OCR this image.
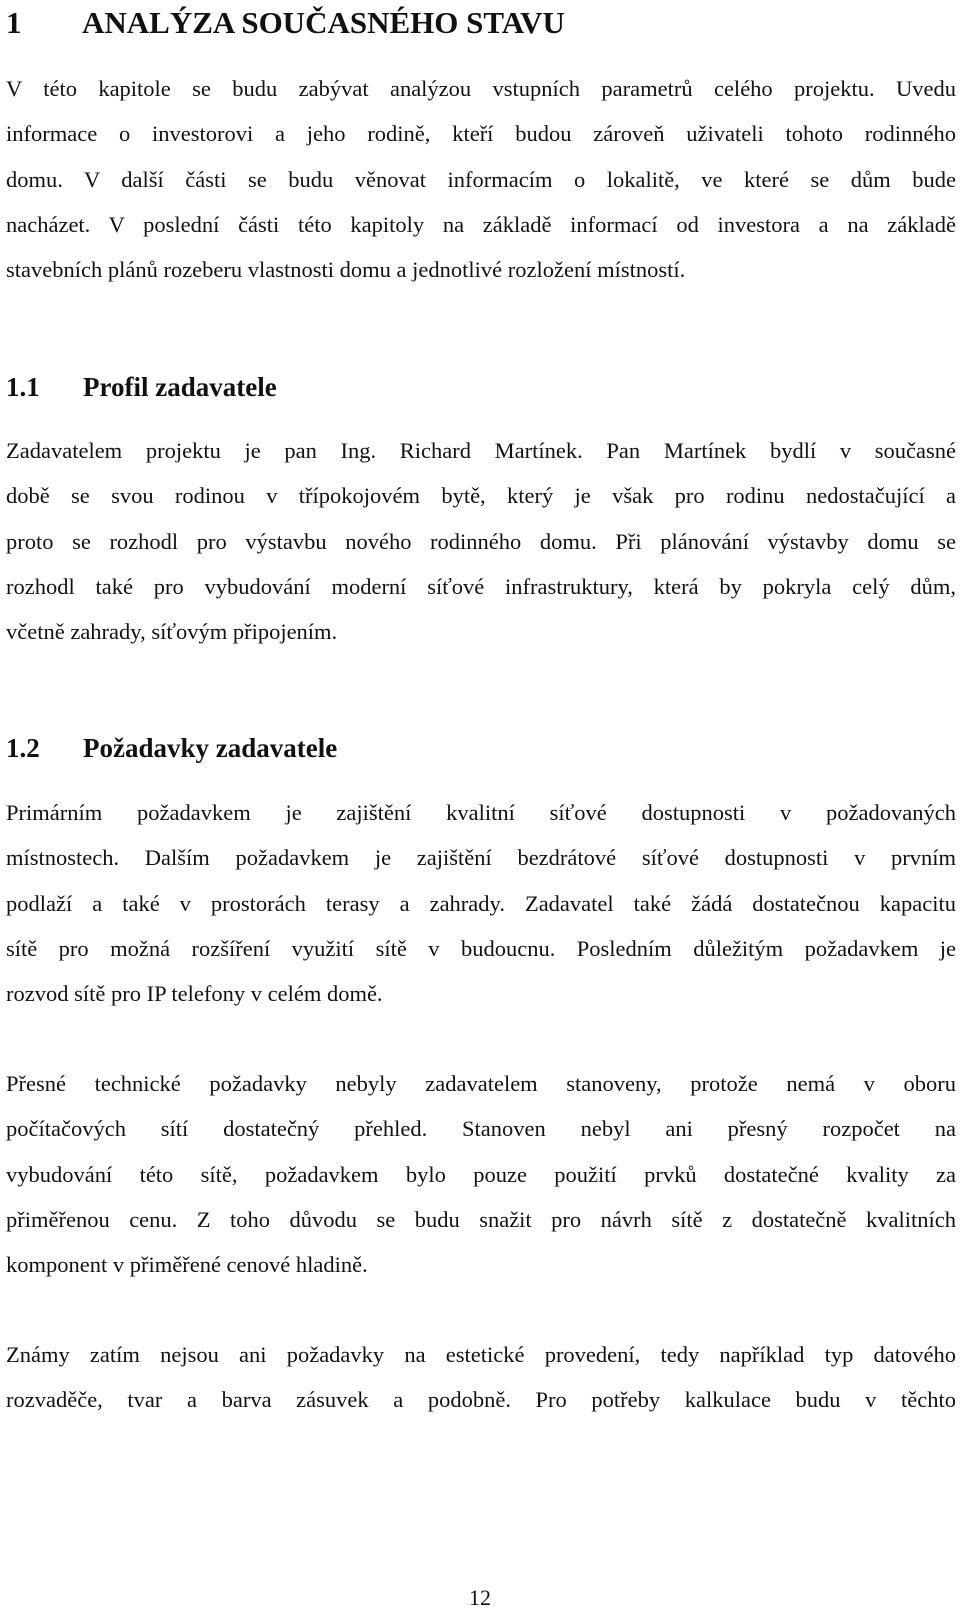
1 ANALÝZA SOUČASNÉHO STAVU
V této kapitole se budu zabývat analýzou vstupních parametrů celého projektu. Uvedu
informace o investorovi a jeho rodině, kteří budou zároveň uživateli tohoto rodinného
domu. V další části se budu věnovat informacím o lokalitě, ve které se dům bude
nacházet. V poslední části této kapitoly na základě informací od investora a na základě
stavebních plánů rozeberu vlastnosti domu a jednotlivé rozložení místností.
1.1 Profil zadavatele
Zadavatelem projektu je pan Ing. Richard Martínek. Pan Martínek bydlí v současné
době se svou rodinou v třípokojovém bytě, který je však pro rodinu nedostačující a
proto se rozhodl pro výstavbu nového rodinného domu. Při plánování výstavby domu se
rozhodl také pro vybudování moderní síťové infrastruktury, která by pokryla celý dům,
včetně zahrady, síťovým připojením.
1.2 Požadavky zadavatele
Primárním požadavkem je zajištění kvalitní síťové dostupnosti v požadovaných
místnostech. Dalším požadavkem je zajištění bezdrátové síťové dostupnosti v prvním
podlaží a také v prostorách terasy a zahrady. Zadavatel také žádá dostatečnou kapacitu
sítě pro možná rozšíření využití sítě v budoucnu. Posledním důležitým požadavkem je
rozvod sítě pro IP telefony v celém domě.
Přesné technické požadavky nebyly zadavatelem stanoveny, protože nemá v oboru
počítačových sítí dostatečný přehled. Stanoven nebyl ani přesný rozpočet na
vybudování této sítě, požadavkem bylo pouze použití prvků dostatečné kvality za
přiměřenou cenu. Z toho důvodu se budu snažit pro návrh sítě z dostatečně kvalitních
komponent v přiměřené cenové hladině.
Známy zatím nejsou ani požadavky na estetické provedení, tedy například typ datového
rozvaděče, tvar a barva zásuvek a podobně. Pro potřeby kalkulace budu v těchto
12
